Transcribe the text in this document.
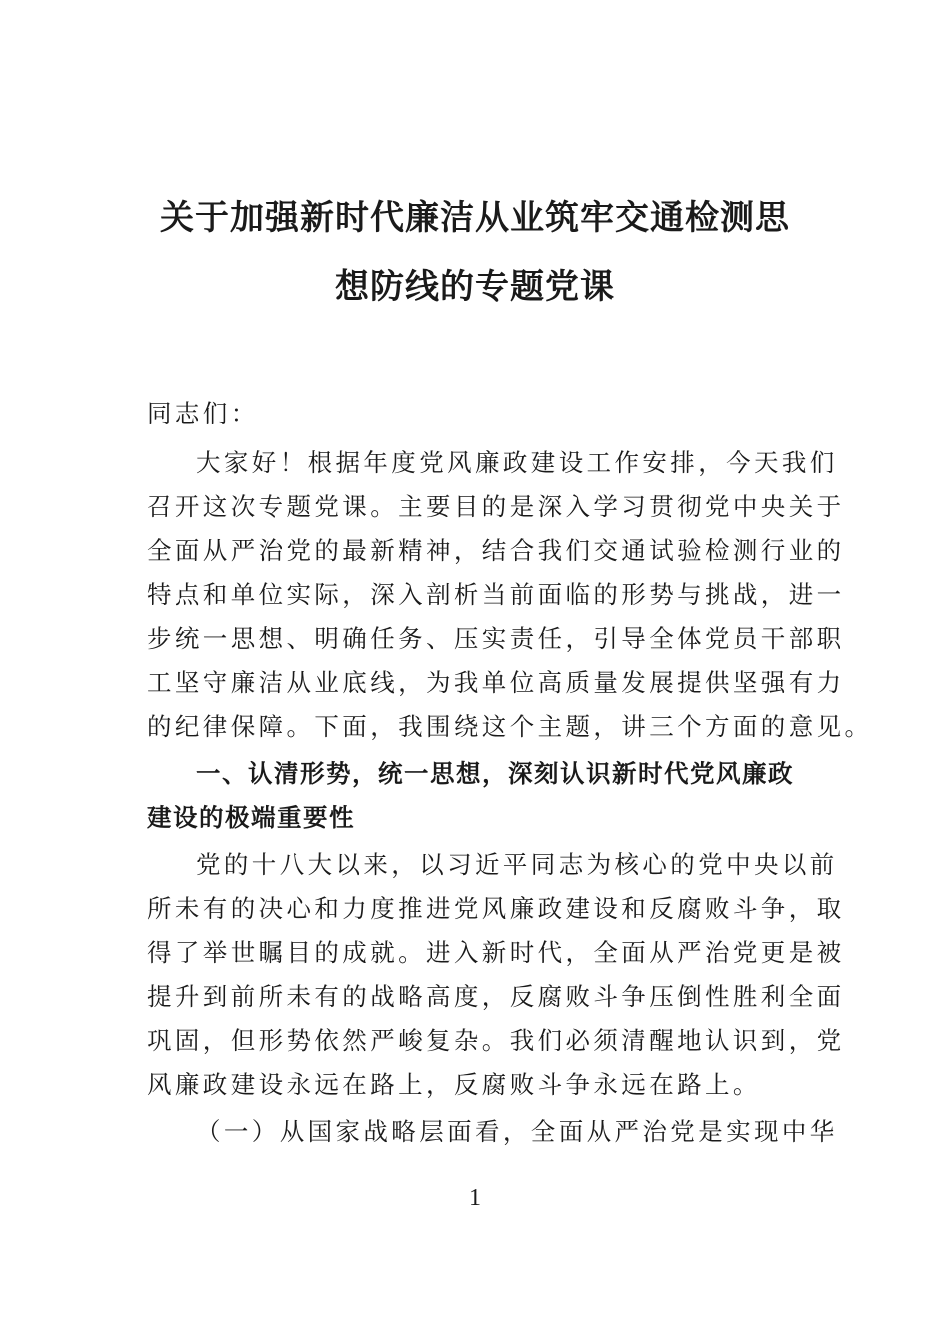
关于加强新时代廉洁从业筑牢交通检测思
想防线的专题党课

同志们：

大家好！根据年度党风廉政建设工作安排，今天我们

召开这次专题党课。主要目的是深入学习贯彻党中央关于

全面从严治党的最新精神，结合我们交通试验检测行业的

特点和单位实际，深入剖析当前面临的形势与挑战，进一

步统一思想、明确任务、压实责任，引导全体党员干部职

工坚守廉洁从业底线，为我单位高质量发展提供坚强有力

的纪律保障。下面，我围绕这个主题，讲三个方面的意见。

一、认清形势，统一思想，深刻认识新时代党风廉政

建设的极端重要性

党的十八大以来，以习近平同志为核心的党中央以前

所未有的决心和力度推进党风廉政建设和反腐败斗争，取

得了举世瞩目的成就。进入新时代，全面从严治党更是被

提升到前所未有的战略高度，反腐败斗争压倒性胜利全面

巩固，但形势依然严峻复杂。我们必须清醒地认识到，党

风廉政建设永远在路上，反腐败斗争永远在路上。

（一）从国家战略层面看，全面从严治党是实现中华

1
